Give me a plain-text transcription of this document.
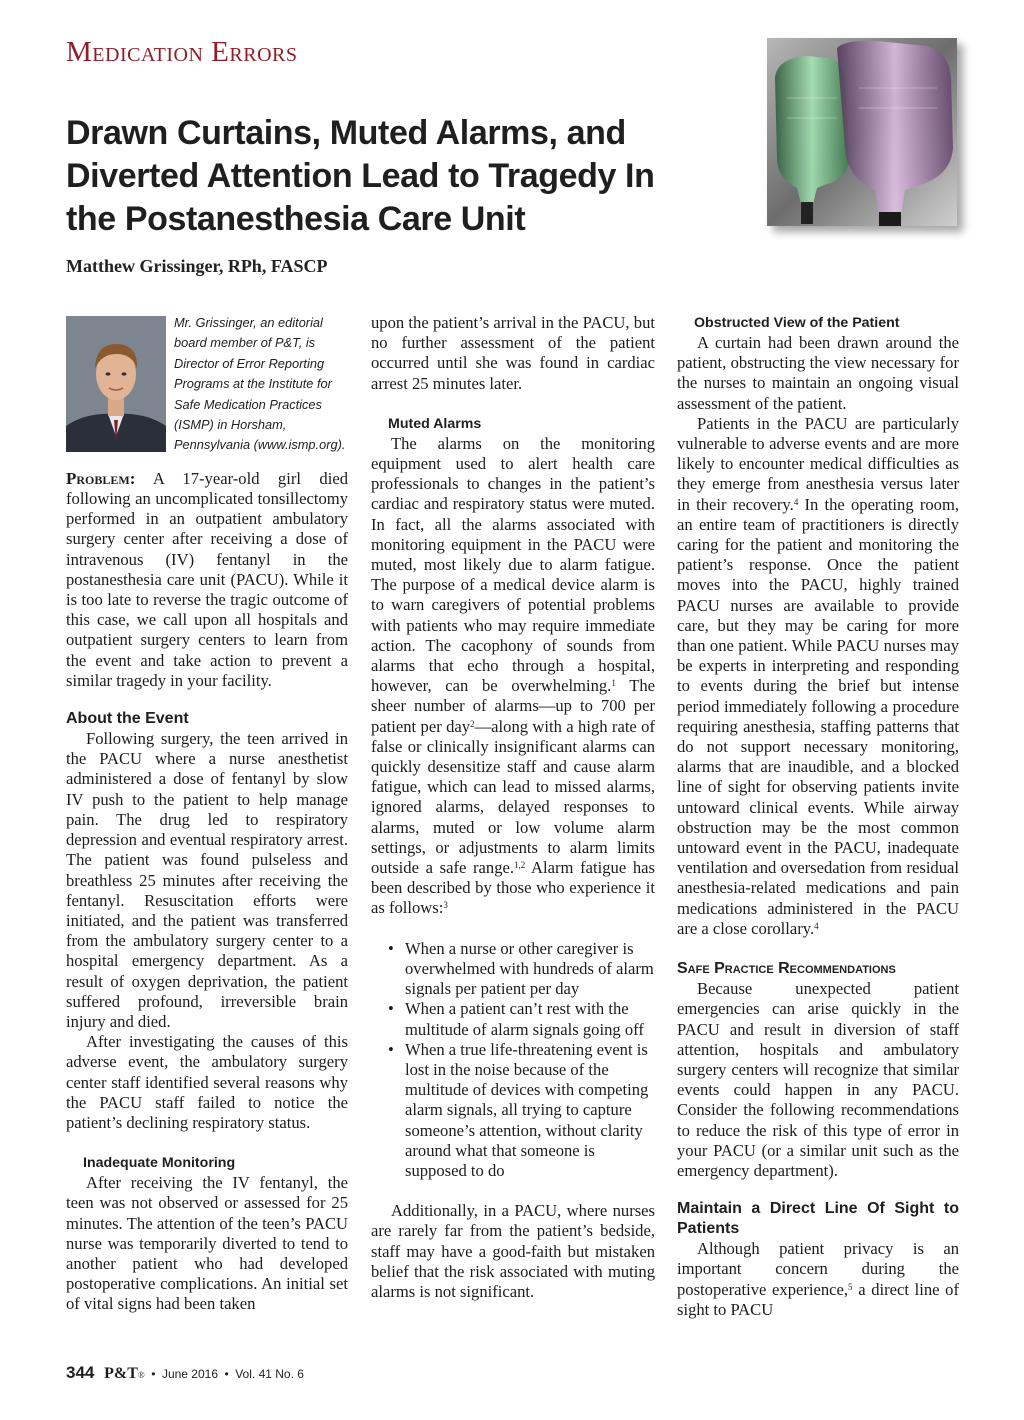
Medication Errors
Drawn Curtains, Muted Alarms, and Diverted Attention Lead to Tragedy In the Postanesthesia Care Unit
Matthew Grissinger, RPh, FASCP
Mr. Grissinger, an editorial board member of P&T, is Director of Error Reporting Programs at the Institute for Safe Medication Practices (ISMP) in Horsham, Pennsylvania (www.ismp.org).

Problem: A 17-year-old girl died following an uncomplicated tonsillectomy performed in an outpatient ambulatory surgery center after receiving a dose of intravenous (IV) fentanyl in the postanesthesia care unit (PACU). While it is too late to reverse the tragic outcome of this case, we call upon all hospitals and outpatient surgery centers to learn from the event and take action to prevent a similar tragedy in your facility.

About the Event

Following surgery, the teen arrived in the PACU where a nurse anesthetist administered a dose of fentanyl by slow IV push to the patient to help manage pain. The drug led to respiratory depression and eventual respiratory arrest. The patient was found pulseless and breathless 25 minutes after receiving the fentanyl. Resuscitation efforts were initiated, and the patient was transferred from the ambulatory surgery center to a hospital emergency department. As a result of oxygen deprivation, the patient suffered profound, irreversible brain injury and died.

After investigating the causes of this adverse event, the ambulatory surgery center staff identified several reasons why the PACU staff failed to notice the patient’s declining respiratory status.

Inadequate Monitoring

After receiving the IV fentanyl, the teen was not observed or assessed for 25 minutes. The attention of the teen’s PACU nurse was temporarily diverted to tend to another patient who had developed postoperative complications. An initial set of vital signs had been taken

upon the patient’s arrival in the PACU, but no further assessment of the patient occurred until she was found in cardiac arrest 25 minutes later.

Muted Alarms

The alarms on the monitoring equipment used to alert health care professionals to changes in the patient’s cardiac and respiratory status were muted. In fact, all the alarms associated with monitoring equipment in the PACU were muted, most likely due to alarm fatigue. The purpose of a medical device alarm is to warn caregivers of potential problems with patients who may require immediate action. The cacophony of sounds from alarms that echo through a hospital, however, can be overwhelming.$^1$ The sheer number of alarms—up to 700 per patient per day$^2$—along with a high rate of false or clinically insignificant alarms can quickly desensitize staff and cause alarm fatigue, which can lead to missed alarms, ignored alarms, delayed responses to alarms, muted or low volume alarm settings, or adjustments to alarm limits outside a safe range.$^{1,2}$ Alarm fatigue has been described by those who experience it as follows:$^3$

• When a nurse or other caregiver is overwhelmed with hundreds of alarm signals per patient per day
• When a patient can’t rest with the multitude of alarm signals going off
• When a true life-threatening event is lost in the noise because of the multitude of devices with competing alarm signals, all trying to capture someone’s attention, without clarity around what that someone is supposed to do

Additionally, in a PACU, where nurses are rarely far from the patient’s bedside, staff may have a good-faith but mistaken belief that the risk associated with muting alarms is not significant.

Obstructed View of the Patient

A curtain had been drawn around the patient, obstructing the view necessary for the nurses to maintain an ongoing visual assessment of the patient.

Patients in the PACU are particularly vulnerable to adverse events and are more likely to encounter medical difficulties as they emerge from anesthesia versus later in their recovery.$^4$ In the operating room, an entire team of practitioners is directly caring for the patient and monitoring the patient’s response. Once the patient moves into the PACU, highly trained PACU nurses are available to provide care, but they may be caring for more than one patient. While PACU nurses may be experts in interpreting and responding to events during the brief but intense period immediately following a procedure requiring anesthesia, staffing patterns that do not support necessary monitoring, alarms that are inaudible, and a blocked line of sight for observing patients invite untoward clinical events. While airway obstruction may be the most common untoward event in the PACU, inadequate ventilation and oversedation from residual anesthesia-related medications and pain medications administered in the PACU are a close corollary.$^4$

Safe Practice Recommendations

Because unexpected patient emergencies can arise quickly in the PACU and result in diversion of staff attention, hospitals and ambulatory surgery centers will recognize that similar events could happen in any PACU. Consider the following recommendations to reduce the risk of this type of error in your PACU (or a similar unit such as the emergency department).

Maintain a Direct Line Of Sight to Patients

Although patient privacy is an important concern during the postoperative experience,$^5$ a direct line of sight to PACU

344 P&T® • June 2016 • Vol. 41 No. 6
